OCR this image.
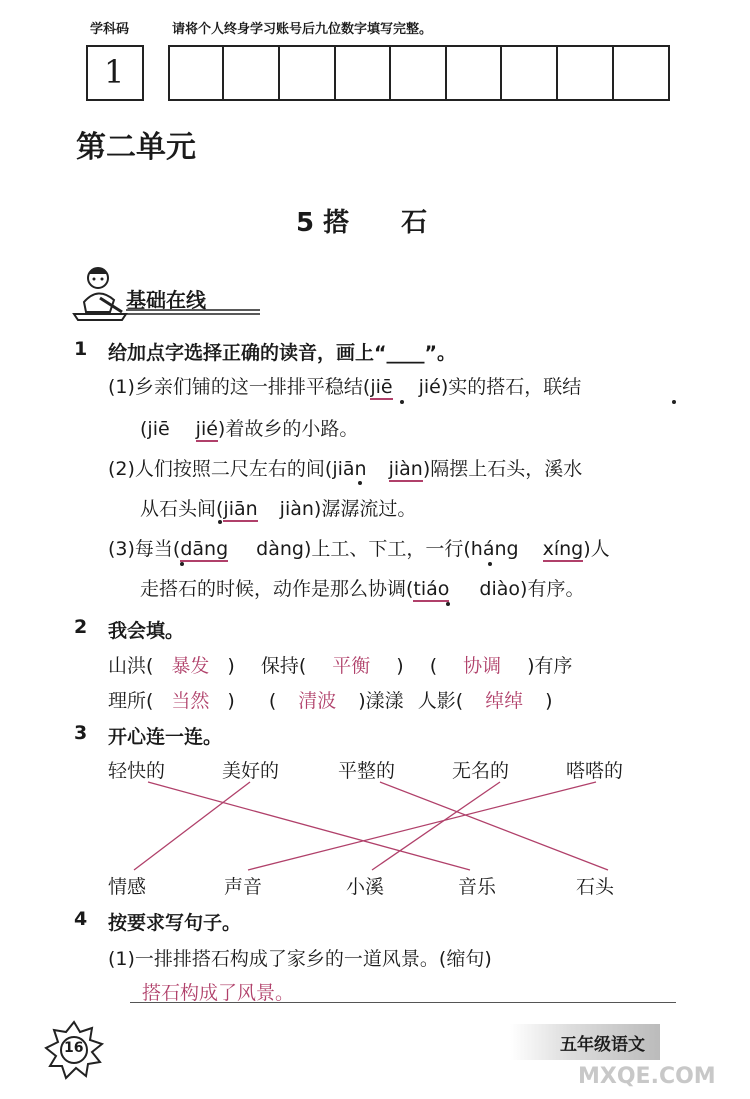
学科码	请将个人终身学习账号后九位数字填写完整。
1
第二单元
5 搭　　石
基础在线
1 给加点字选择正确的读音，画上“____”。
(1)乡亲们铺的这一排排平稳结(jiē jié)实的搭石，联结
(jiē jié)着故乡的小路。
(2)人们按照二尺左右的间(jiān jiàn)隔摆上石头，溪水
从石头间(jiān jiàn)潺潺流过。
(3)每当(dāng dàng)上工、下工，一行(háng xíng)人
走搭石的时候，动作是那么协调(tiáo diào)有序。
2 我会填。
山洪( 暴发 ) 保持( 平衡 ) ( 协调 )有序
理所( 当然 ) ( 清波 )漾漾 人影( 绰绰 )
3 开心连一连。
轻快的	美好的	平整的	无名的	嗒嗒的
情感	声音	小溪	音乐	石头
4 按要求写句子。
(1)一排排搭石构成了家乡的一道风景。(缩句)
搭石构成了风景。
16	五年级语文
MXQE.COM
